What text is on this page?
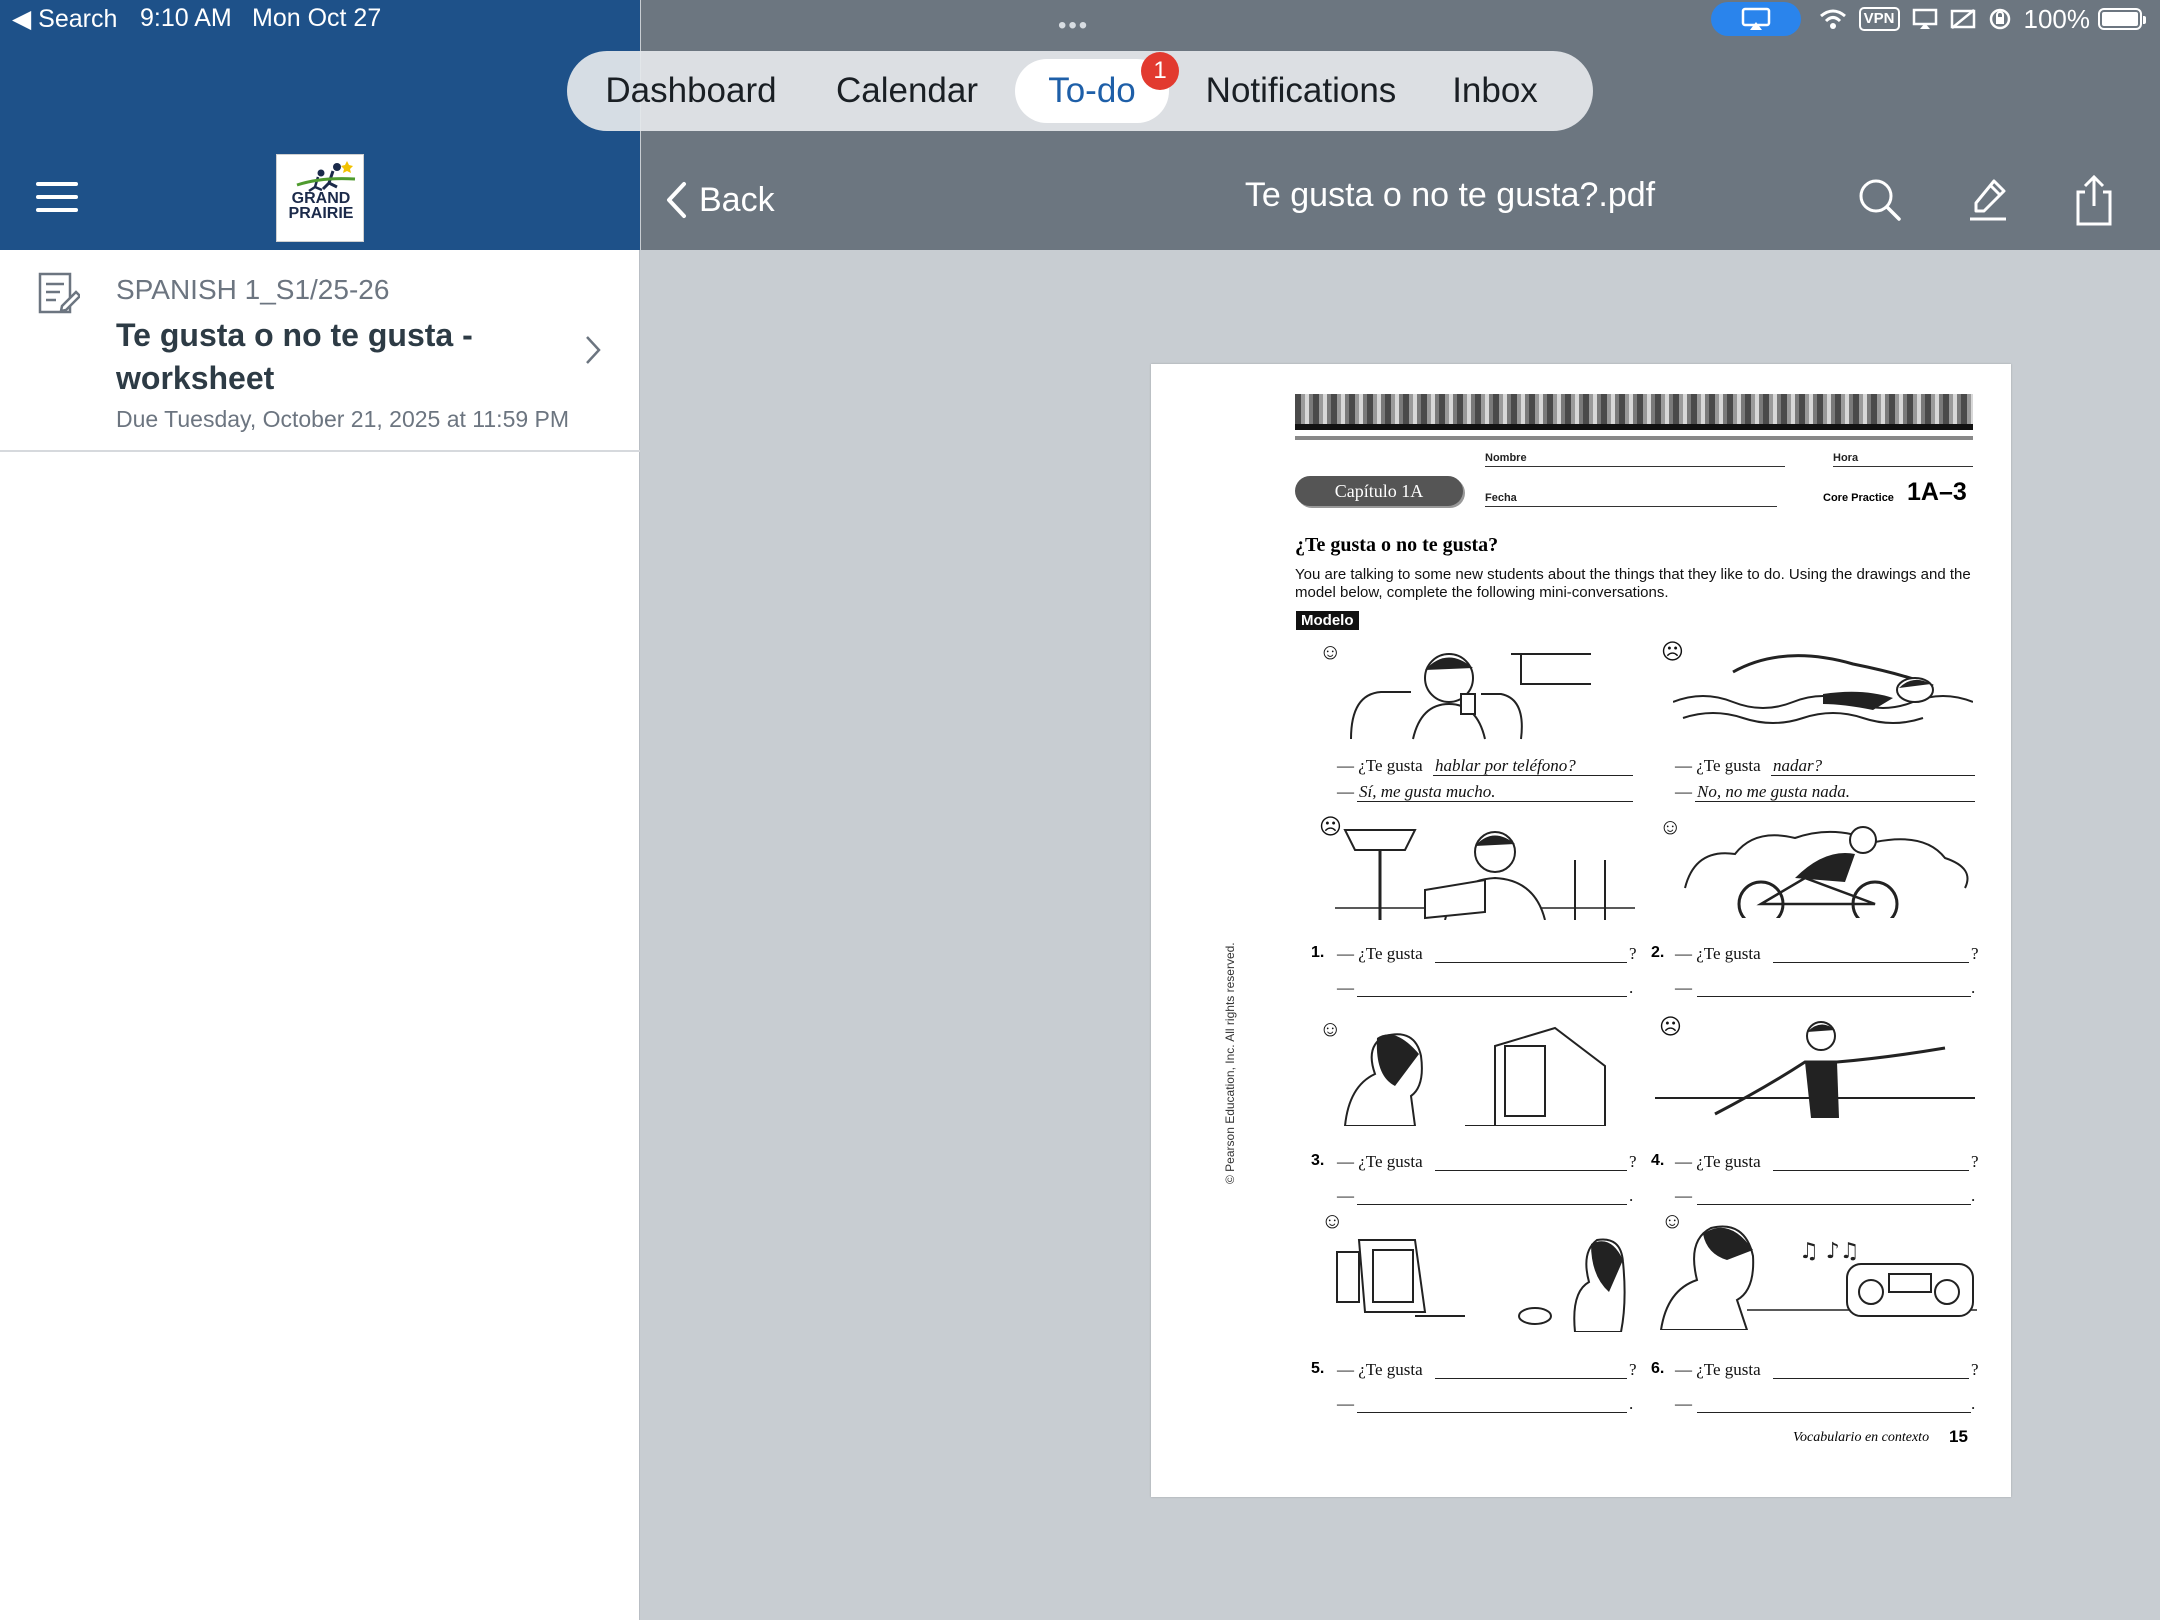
◀ Search 9:10 AM Mon Oct 27
GRAND
PRAIRIE
SPANISH 1_S1/25-26
Te gusta o no te gusta - worksheet
Due Tuesday, October 21, 2025 at 11:59 PM
•••	VPN	100%
Dashboard	Calendar	To-do	Notifications	Inbox
1
Back	Te gusta o no te gusta?.pdf
Nombre	Hora
Fecha
Capítulo 1A	Core Practice 1A–3
¿Te gusta o no te gusta?
You are talking to some new students about the things that they like to do. Using the drawings and the model below, complete the following mini-conversations.
Modelo
☺
— ¿Te gusta hablar por teléfono?
— Sí, me gusta mucho.
☹
— ¿Te gusta nadar?
— No, no me gusta nada.
☹
1. — ¿Te gusta	?
—	.
☺
2. — ¿Te gusta	?
—	.
☺
3. — ¿Te gusta	?
—	.
☹
4. — ¿Te gusta	?
—	.
☺
5. — ¿Te gusta	?
—	.
☺
♫ ♪♫
6. — ¿Te gusta	?
—	.
© Pearson Education, Inc. All rights reserved.
Vocabulario en contexto 15
